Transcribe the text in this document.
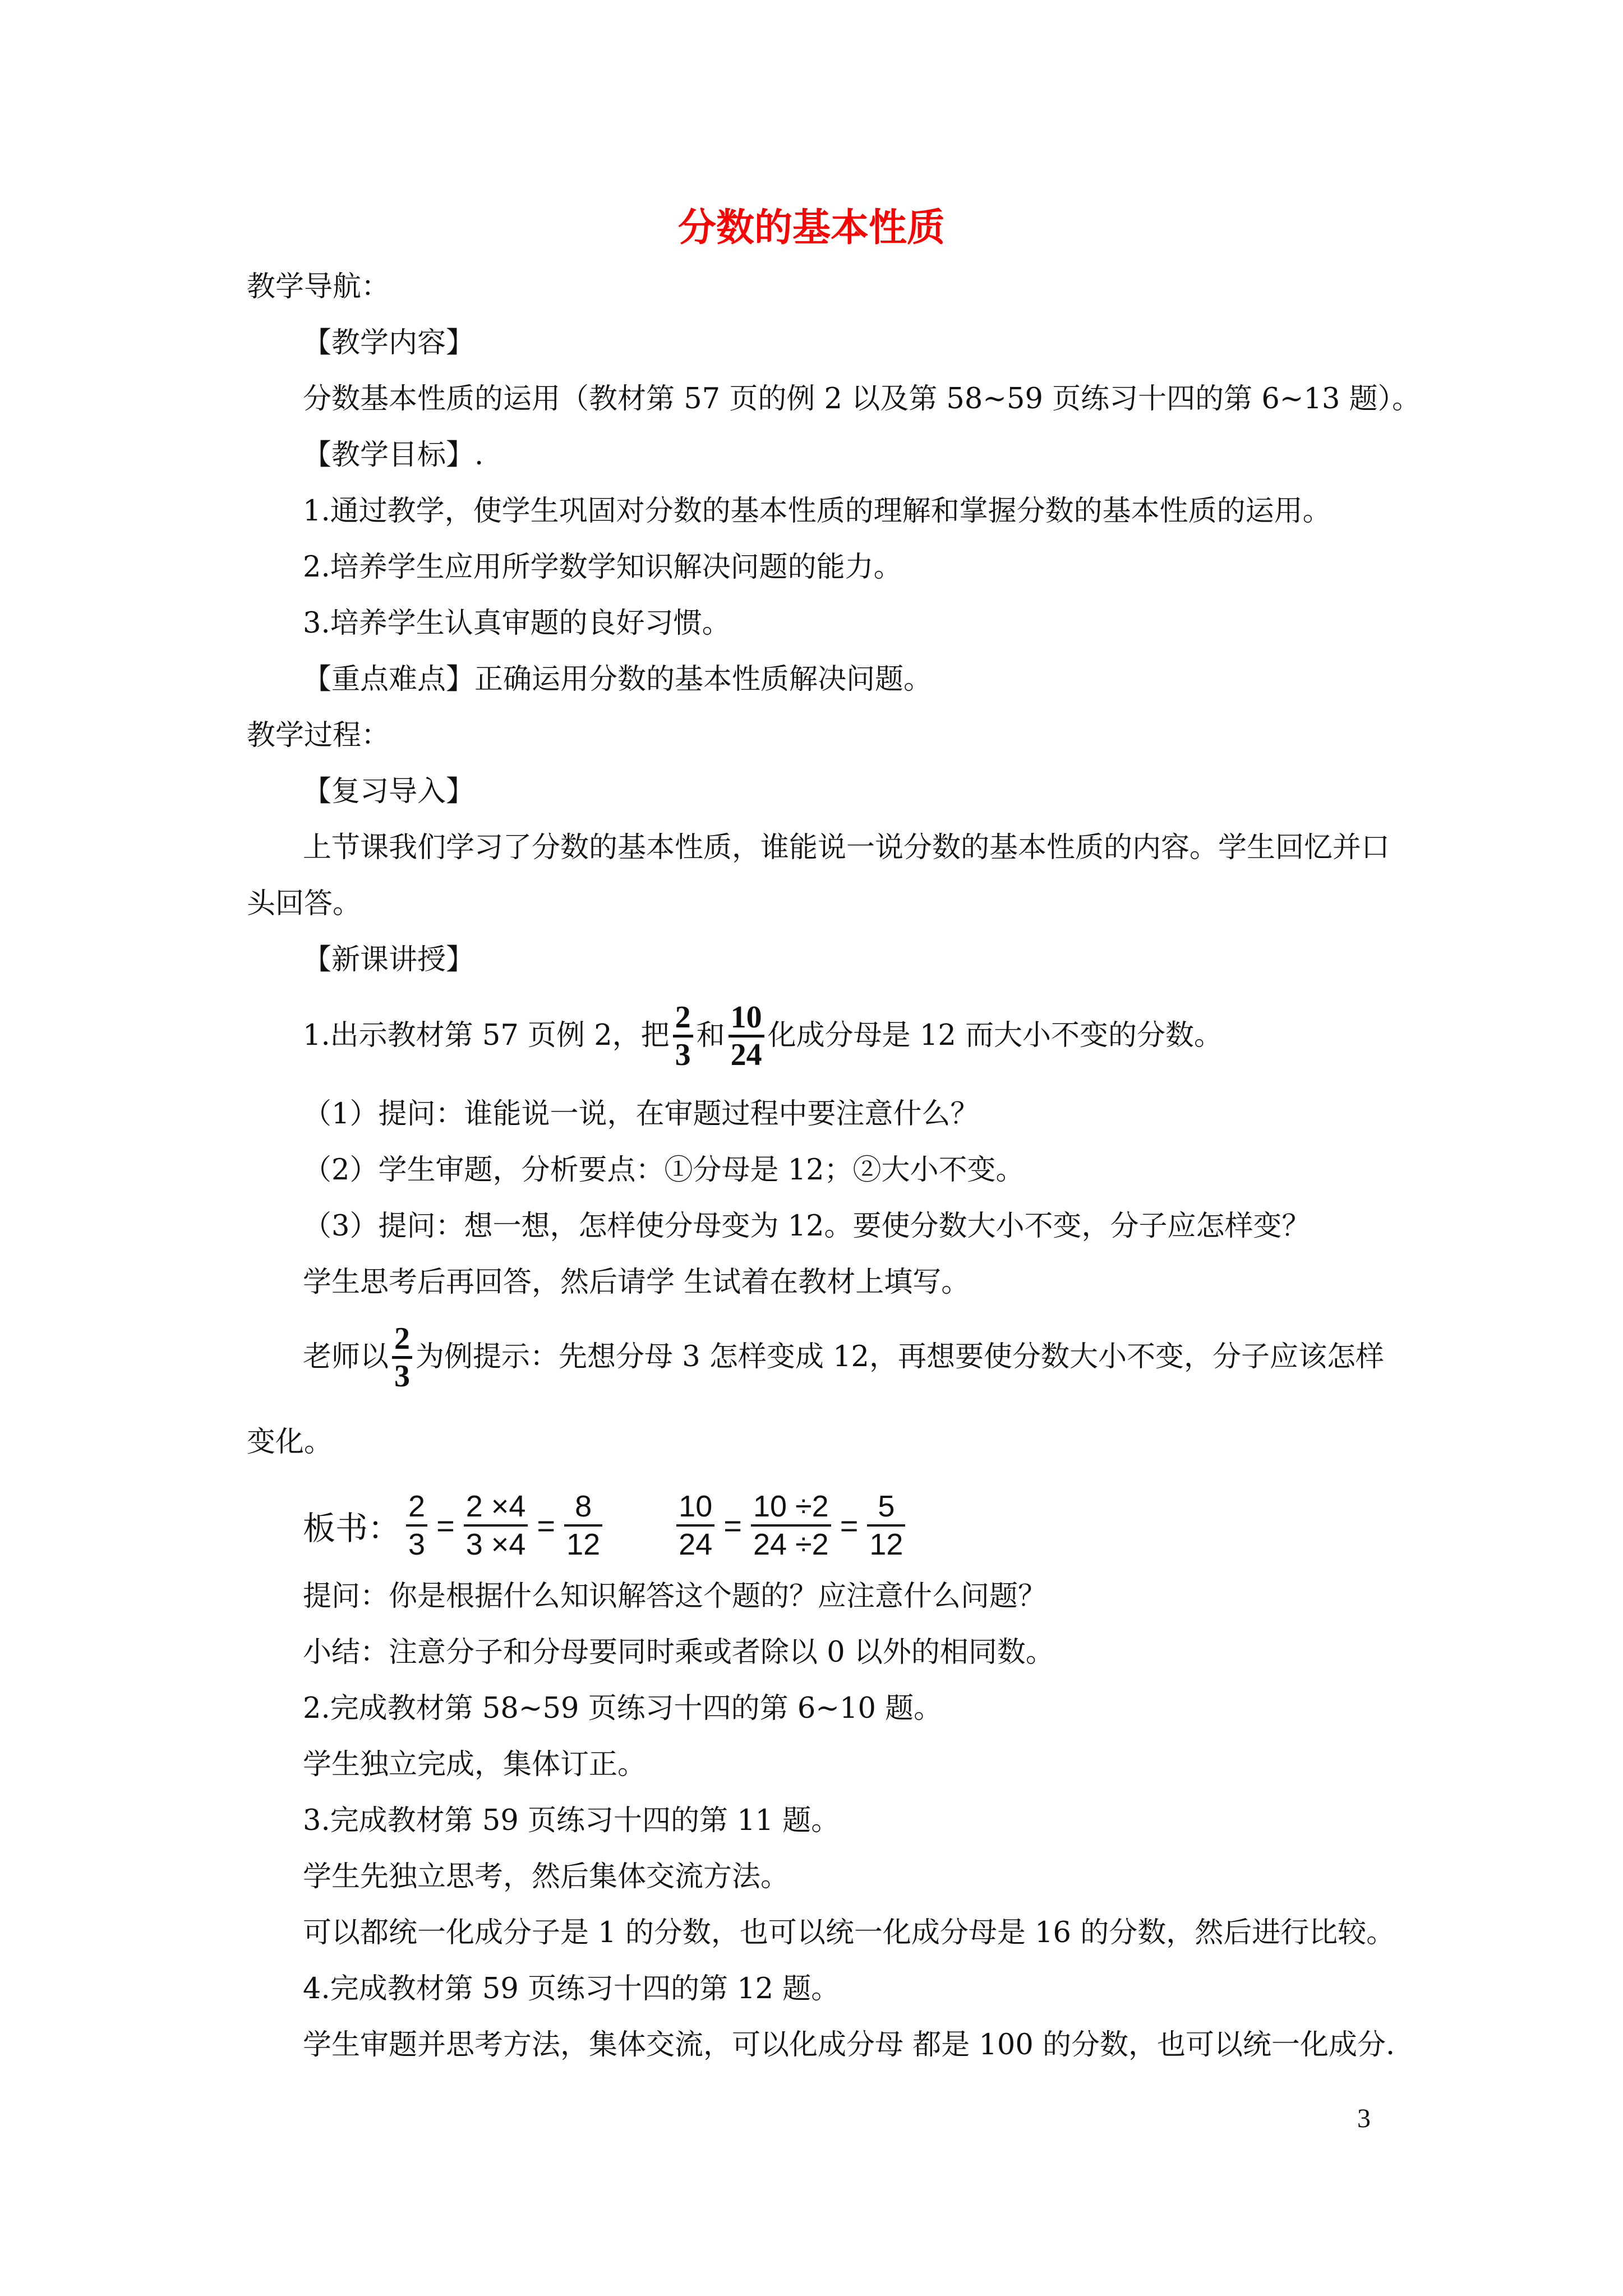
分数的基本性质
教学导航：
【教学内容】
分数基本性质的运用（教材第 57 页的例 2 以及第 58~59 页练习十四的第 6~13 题）。
【教学目标】.
1.通过教学，使学生巩固对分数的基本性质的理解和掌握分数的基本性质的运用。
2.培养学生应用所学数学知识解决问题的能力。
3.培养学生认真审题的良好习惯。
【重点难点】正确运用分数的基本性质解决问题。
教学过程：
【复习导入】
上节课我们学习了分数的基本性质，谁能说一说分数的基本性质的内容。学生回忆并口
头回答。
【新课讲授】
1.出示教材第 57 页例 2，把
2
3
和
10
24
化成分母是 12 而大小不变的分数。
（1）提问：谁能说一说，在审题过程中要注意什么？
（2）学生审题，分析要点：①分母是 12；②大小不变。
（3）提问：想一想，怎样使分母变为 12。要使分数大小不变，分子应怎样变？
学生思考后再回答，然后请学 生试着在教材上填写。
老师以
2
3
为例提示：先想分母 3 怎样变成 12，再想要使分数大小不变，分子应该怎样
变化。
板书： $\frac{2}{3} = \frac{2 \times 4}{3 \times 4} = \frac{8}{12} \frac{10}{24} = \frac{10 \div 2}{24 \div 2} = \frac{5}{12}$
提问：你是根据什么知识解答这个题的？应注意什么问题？
小结：注意分子和分母要同时乘或者除以 0 以外的相同数。
2.完成教材第 58~59 页练习十四的第 6~10 题。
学生独立完成，集体订正。
3.完成教材第 59 页练习十四的第 11 题。
学生先独立思考，然后集体交流方法。
可以都统一化成分子是 1 的分数，也可以统一化成分母是 16 的分数，然后进行比较。
4.完成教材第 59 页练习十四的第 12 题。
学生审题并思考方法，集体交流，可以化成分母 都是 100 的分数，也可以统一化成分.
3
